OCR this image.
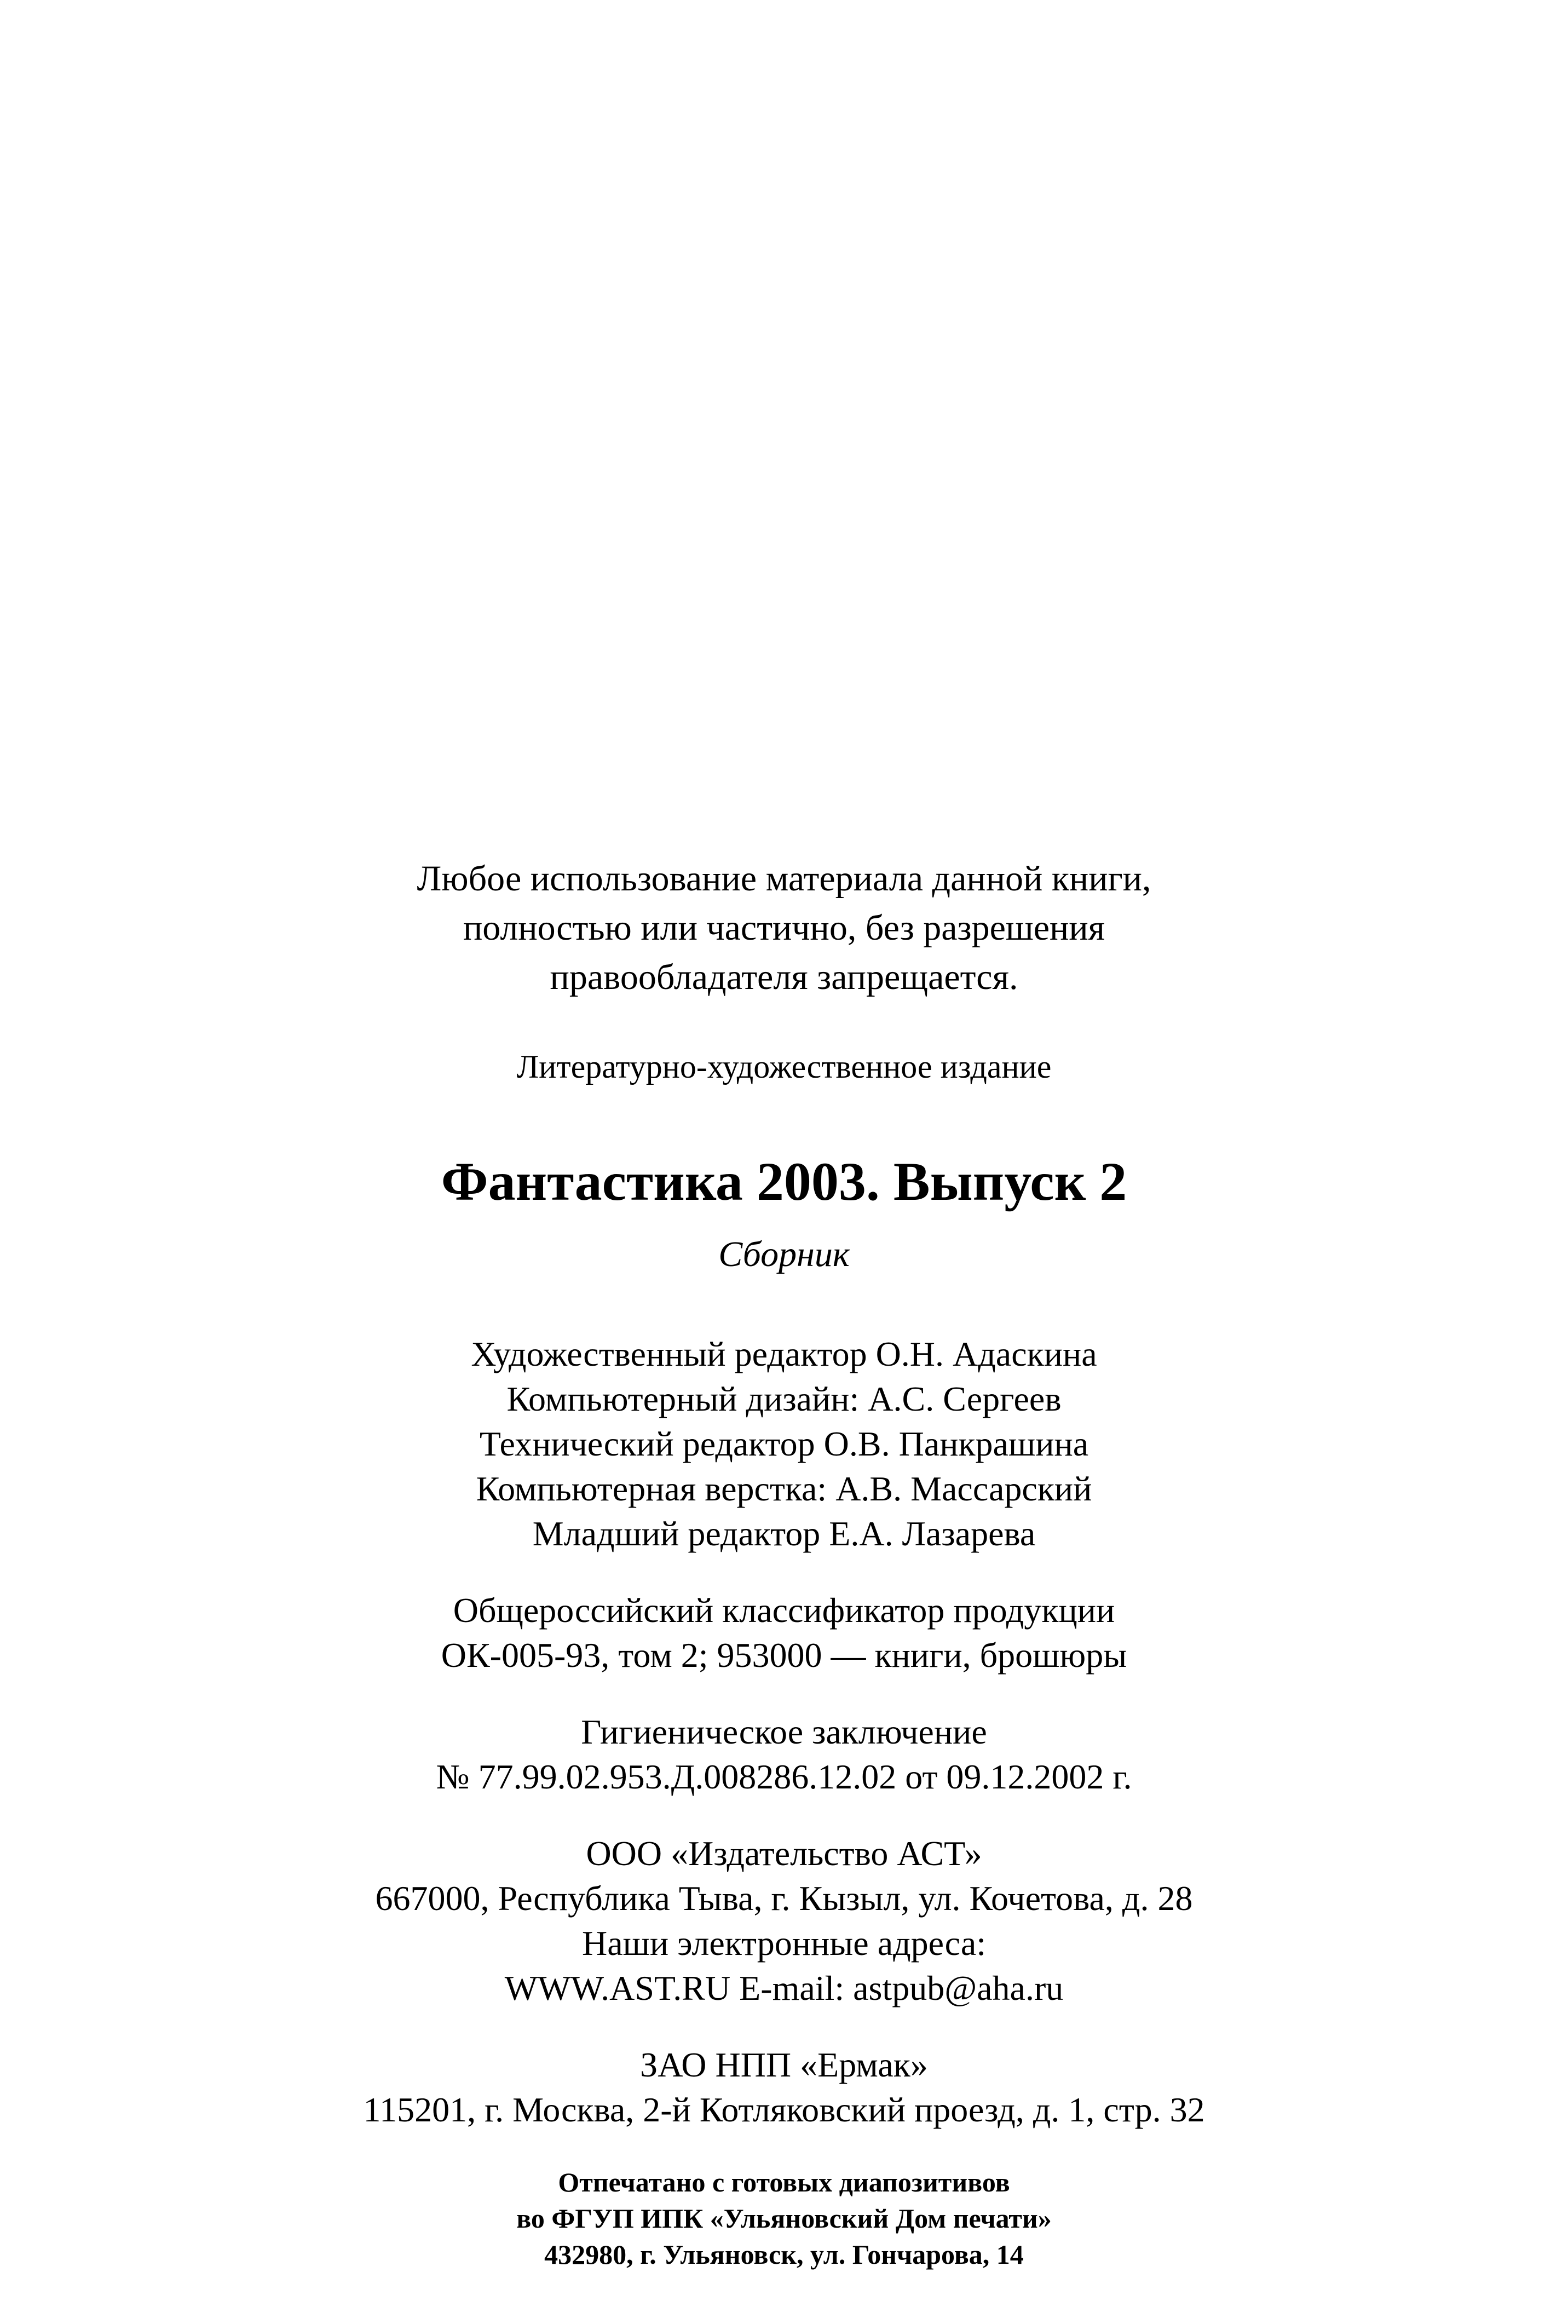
Любое использование материала данной книги,
полностью или частично, без разрешения
правообладателя запрещается.
Литературно-художественное издание
Фантастика 2003. Выпуск 2
Сборник
Художественный редактор О.Н. Адаскина
Компьютерный дизайн: А.С. Сергеев
Технический редактор О.В. Панкрашина
Компьютерная верстка: А.В. Массарский
Младший редактор Е.А. Лазарева
Общероссийский классификатор продукции
ОК-005-93, том 2; 953000 — книги, брошюры
Гигиеническое заключение
№ 77.99.02.953.Д.008286.12.02 от 09.12.2002 г.
ООО «Издательство АСТ»
667000, Республика Тыва, г. Кызыл, ул. Кочетова, д. 28
Наши электронные адреса:
WWW.AST.RU E-mail: astpub@aha.ru
ЗАО НПП «Ермак»
115201, г. Москва, 2-й Котляковский проезд, д. 1, стр. 32
Отпечатано с готовых диапозитивов
во ФГУП ИПК «Ульяновский Дом печати»
432980, г. Ульяновск, ул. Гончарова, 14
